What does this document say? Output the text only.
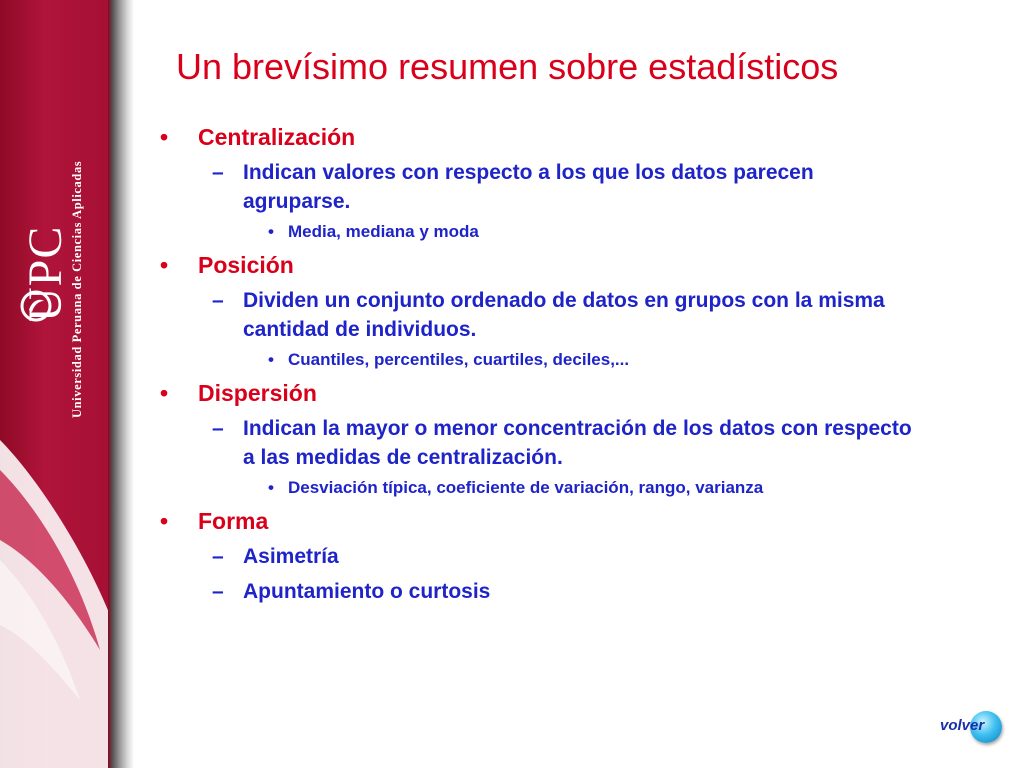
UPC
Universidad Peruana de Ciencias Aplicadas
Un brevísimo resumen sobre estadísticos
• Centralización
– Indican valores con respecto a los que los datos parecen agruparse.
• Media, mediana y moda
• Posición
– Dividen un conjunto ordenado de datos en grupos con la misma cantidad de individuos.
• Cuantiles, percentiles, cuartiles, deciles,...
• Dispersión
– Indican la mayor o menor concentración de los datos con respecto a las medidas de centralización.
• Desviación típica, coeficiente de variación, rango, varianza
• Forma
– Asimetría
– Apuntamiento o curtosis
volver
